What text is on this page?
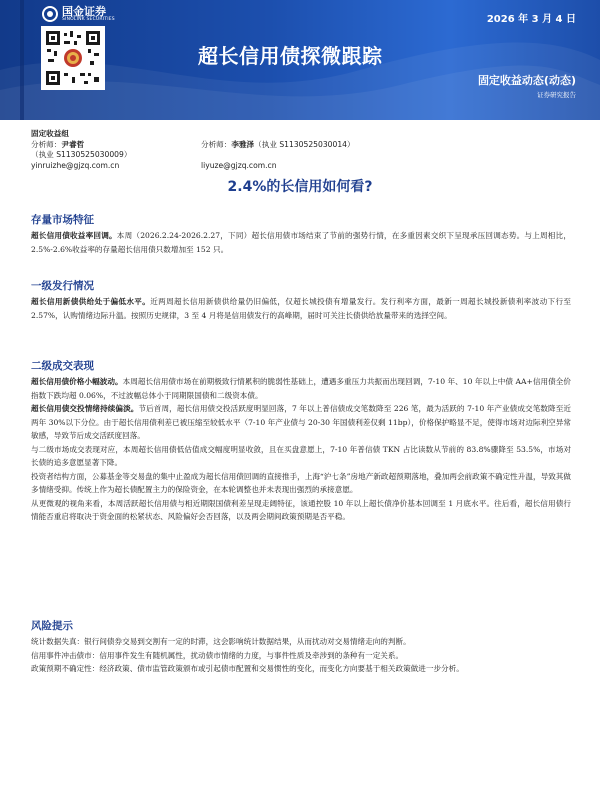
国金证券
SINOLINK SECURITIES	2026 年 3 月 4 日
超长信用债探微跟踪
固定收益动态(动态)
证券研究报告
固定收益组
分析师：尹睿哲（执业 S1130525030009）
分析师：李雅泽（执业 S1130525030014）
yinruizhe@gjzq.com.cn	liyuze@gjzq.com.cn
2.4%的长信用如何看?
存量市场特征
超长信用债收益率回调。本周（2026.2.24-2026.2.27，下同）超长信用债市场结束了节前的强势行情，在多重因素交织下呈现承压回调态势。与上周相比，2.5%-2.6%收益率的存量超长信用债只数增加至 152 只。
一级发行情况
超长信用新债供给处于偏低水平。近两周超长信用新债供给量仍旧偏低，仅超长城投债有增量发行。发行利率方面，最新一周超长城投新债利率波动下行至 2.57%，认购情绪边际升温。按照历史规律，3 至 4 月将是信用债发行的高峰期，届时可关注长债供给放量带来的选择空间。
二级成交表现
超长信用债价格小幅波动。本周超长信用债市场在前期极致行情累积的脆弱性基础上，遭遇多重压力共振而出现回调，7-10 年、10 年以上中债 AA+信用债全价指数下跌均超 0.06%，不过波幅总体小于同期限国债和二级资本债。
超长信用债交投情绪持续偏淡。节后首周，超长信用债交投活跃度明显回落，7 年以上普信债成交笔数降至 226 笔，最为活跃的 7-10 年产业债成交笔数降至近两年 30%以下分位。由于超长信用债利差已被压缩至较低水平（7-10 年产业债与 20-30 年国债利差仅剩 11bp），价格保护略显不足，使得市场对边际利空异常敏感，导致节后成交活跃度回落。
与二级市场成交表现对应，本周超长信用债低估值成交幅度明显收敛，且在买盘意愿上，7-10 年普信债 TKN 占比读数从节前的 83.8%骤降至 53.5%，市场对长债的追多意愿显著下降。
投资者结构方面，公募基金等交易盘的集中止盈成为超长信用债回调的直接推手，上海“沪七条”房地产新政超预期落地，叠加两会前政策不确定性升温，导致其做多情绪受抑。传统上作为超长债配置主力的保险资金，在本轮调整也并未表现出强烈的承接意愿。
从更微观的视角来看，本周活跃超长信用债与相近期限国债利差呈现走阔特征，该通控股 10 年以上超长债净价基本回调至 1 月底水平。往后看，超长信用债行情能否重启将取决于资金面的松紧状态、风险偏好会否回落，以及两会期间政策预期是否平稳。
风险提示
统计数据失真：银行间债券交易到交割有一定的时滞，这会影响统计数据结果，从而扰动对交易情绪走向的判断。
信用事件冲击债市：信用事件发生有随机属性，扰动债市情绪的力度，与事件性质及牵涉到的条种有一定关系。
政策预期不确定性：经济政策、债市监管政策颁布或引起债市配置和交易惯性的变化，而变化方向要基于相关政策做进一步分析。
